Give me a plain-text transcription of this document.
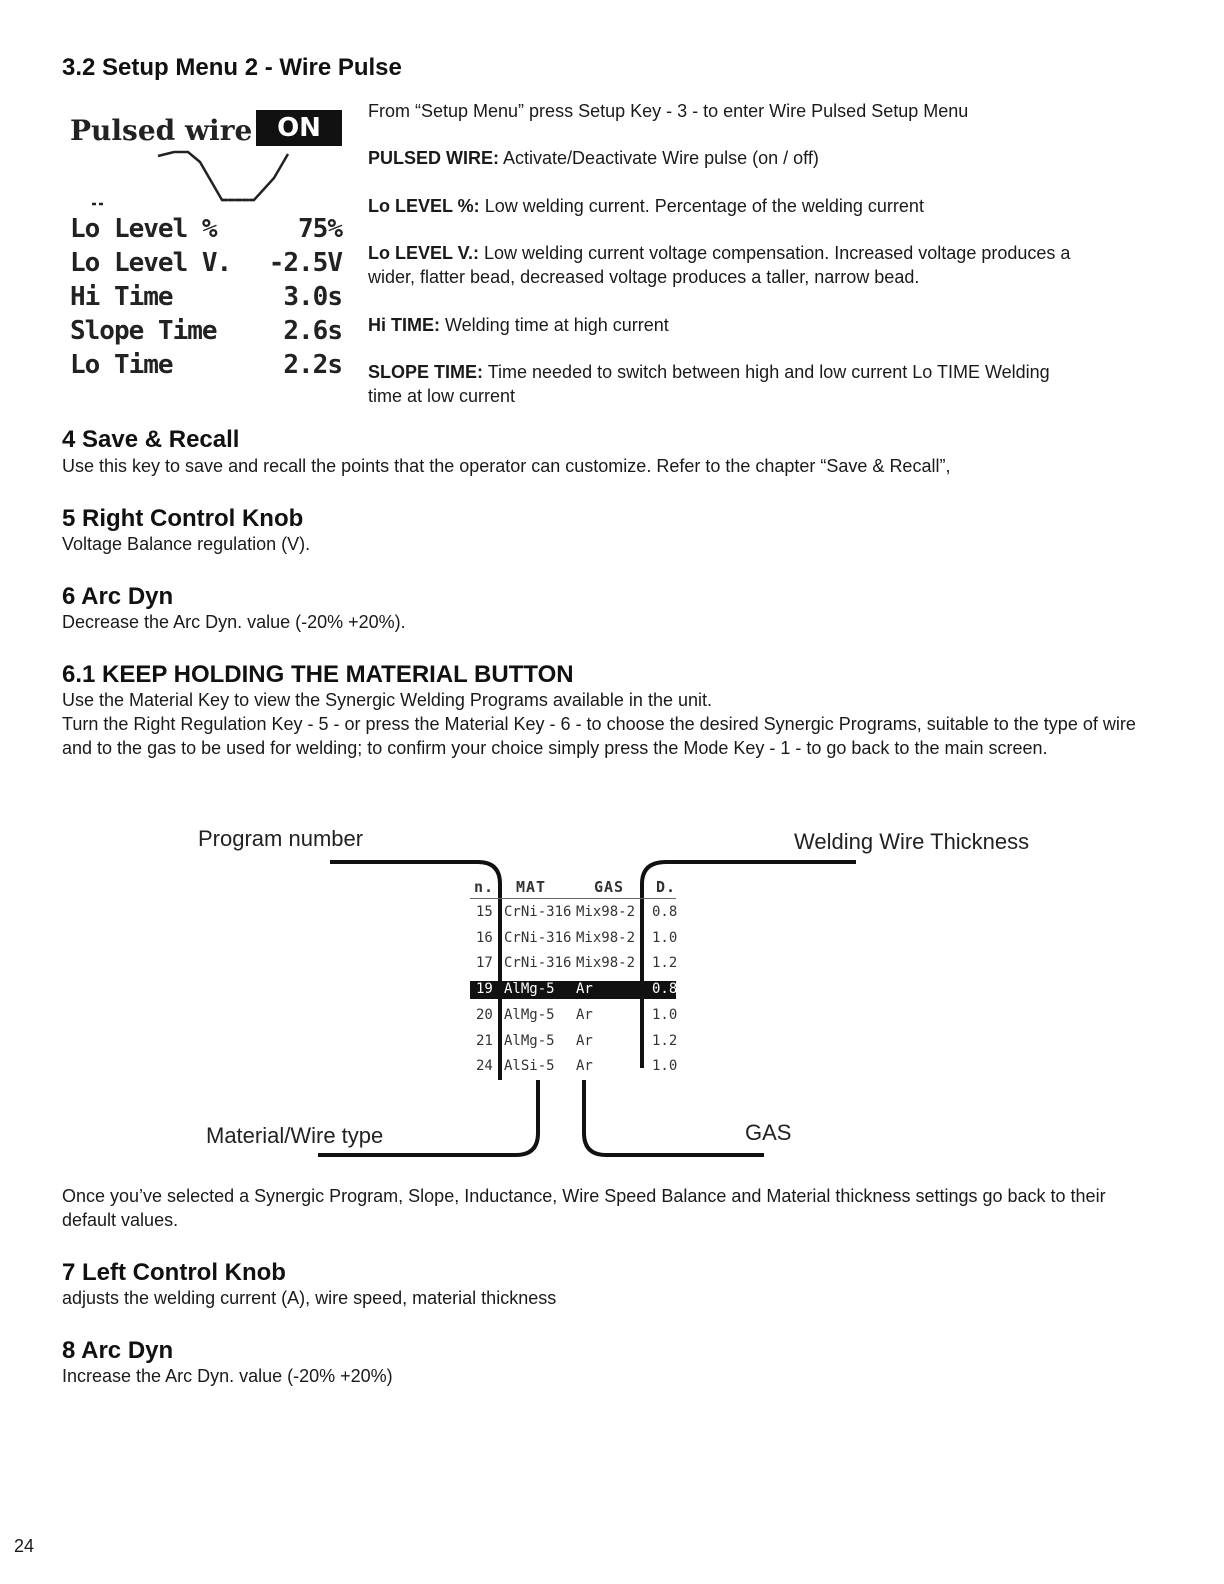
3.2 Setup Menu 2 - Wire Pulse
Pulsed wire ON
Lo Level %	75%
Lo Level V. -2.5V
Hi Time	3.0s
Slope Time	2.6s
Lo Time	2.2s

From “Setup Menu” press Setup Key - 3 - to enter Wire Pulsed Setup Menu

PULSED WIRE: Activate/Deactivate Wire pulse (on / off)

Lo LEVEL %: Low welding current. Percentage of the welding current

Lo LEVEL V.: Low welding current voltage compensation. Increased voltage produces a wider, flatter bead, decreased voltage produces a taller, narrow bead.

Hi TIME: Welding time at high current

SLOPE TIME: Time needed to switch between high and low current Lo TIME Welding time at low current

4 Save & Recall

Use this key to save and recall the points that the operator can customize. Refer to the chapter “Save & Recall”,

5 Right Control Knob

Voltage Balance regulation (V).

6 Arc Dyn

Decrease the Arc Dyn. value (-20% +20%).

6.1 KEEP HOLDING THE MATERIAL BUTTON

Use the Material Key to view the Synergic Welding Programs available in the unit.

Turn the Right Regulation Key - 5 - or press the Material Key - 6 - to choose the desired Synergic Programs, suitable to the type of wire and to the gas to be used for welding; to confirm your choice simply press the Mode Key - 1 - to go back to the main screen.

Program number	Welding Wire Thickness
Material/Wire type	GAS
n. MAT	GAS D.
15 CrNi-316 Mix98-2 0.8
16 CrNi-316 Mix98-2 1.0
17 CrNi-316 Mix98-2 1.2
19 AlMg-5 Ar	0.8
20 AlMg-5 Ar	1.0
21 AlMg-5 Ar	1.2
24 AlSi-5 Ar	1.0

Once you’ve selected a Synergic Program, Slope, Inductance, Wire Speed Balance and Material thickness settings go back to their default values.

7 Left Control Knob

adjusts the welding current (A), wire speed, material thickness

8 Arc Dyn

Increase the Arc Dyn. value (-20% +20%)

24
